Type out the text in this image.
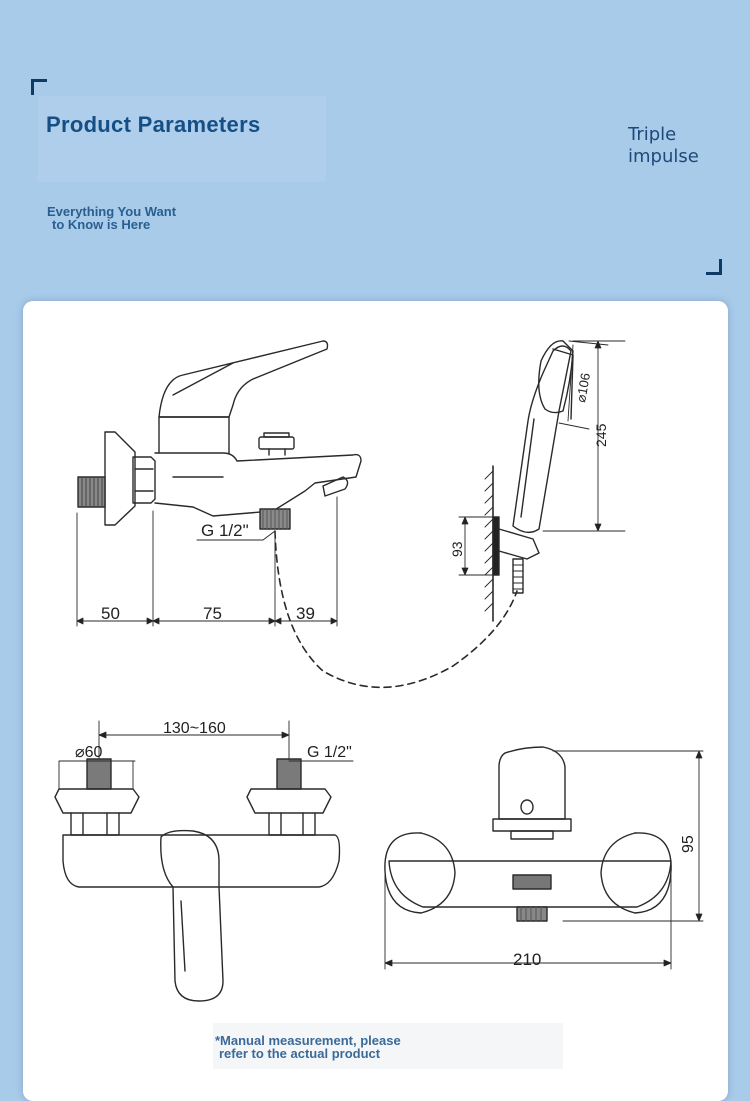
Product Parameters
Everything You Want
to Know is Here
Triple
impulse
50	75	39
G 1/2"
⌀106
245
93
130~160
⌀60	G 1/2"
95
210
*Manual measurement, please
refer to the actual product
